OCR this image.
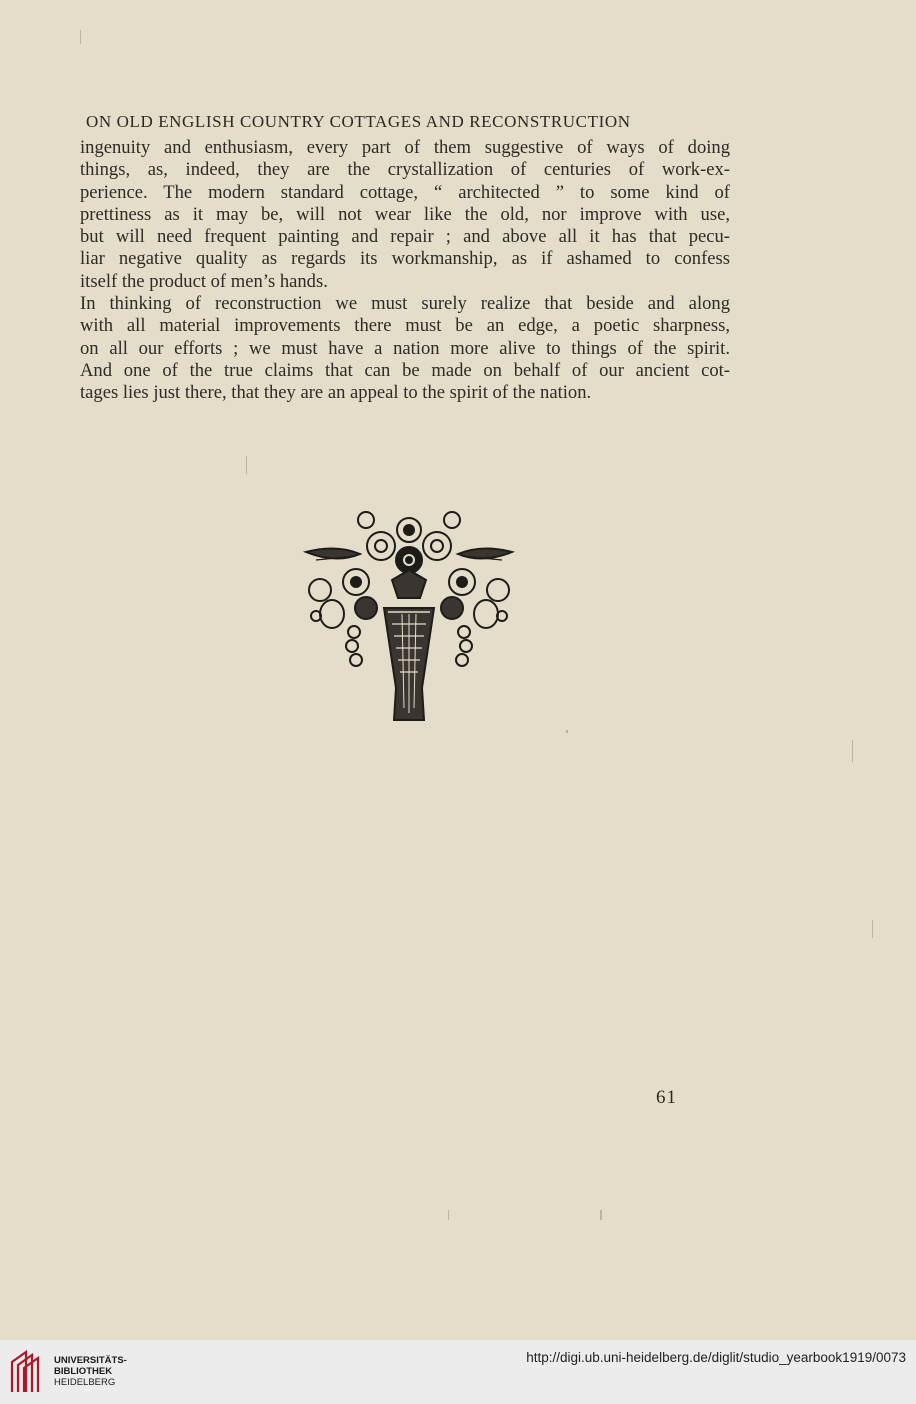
ON OLD ENGLISH COUNTRY COTTAGES AND RECONSTRUCTION

ingenuity and enthusiasm, every part of them suggestive of ways of doing
things, as, indeed, they are the crystallization of centuries of work-ex-
perience. The modern standard cottage, “ architected ” to some kind of
prettiness as it may be, will not wear like the old, nor improve with use,
but will need frequent painting and repair ; and above all it has that pecu-
liar negative quality as regards its workmanship, as if ashamed to confess
itself the product of men’s hands.

In thinking of reconstruction we must surely realize that beside and along
with all material improvements there must be an edge, a poetic sharpness,
on all our efforts ; we must have a nation more alive to things of the spirit.
And one of the true claims that can be made on behalf of our ancient cot-
tages lies just there, that they are an appeal to the spirit of the nation.

61
UNIVERSITÄTS-
BIBLIOTHEK
HEIDELBERG
http://digi.ub.uni-heidelberg.de/diglit/studio_yearbook1919/0073
